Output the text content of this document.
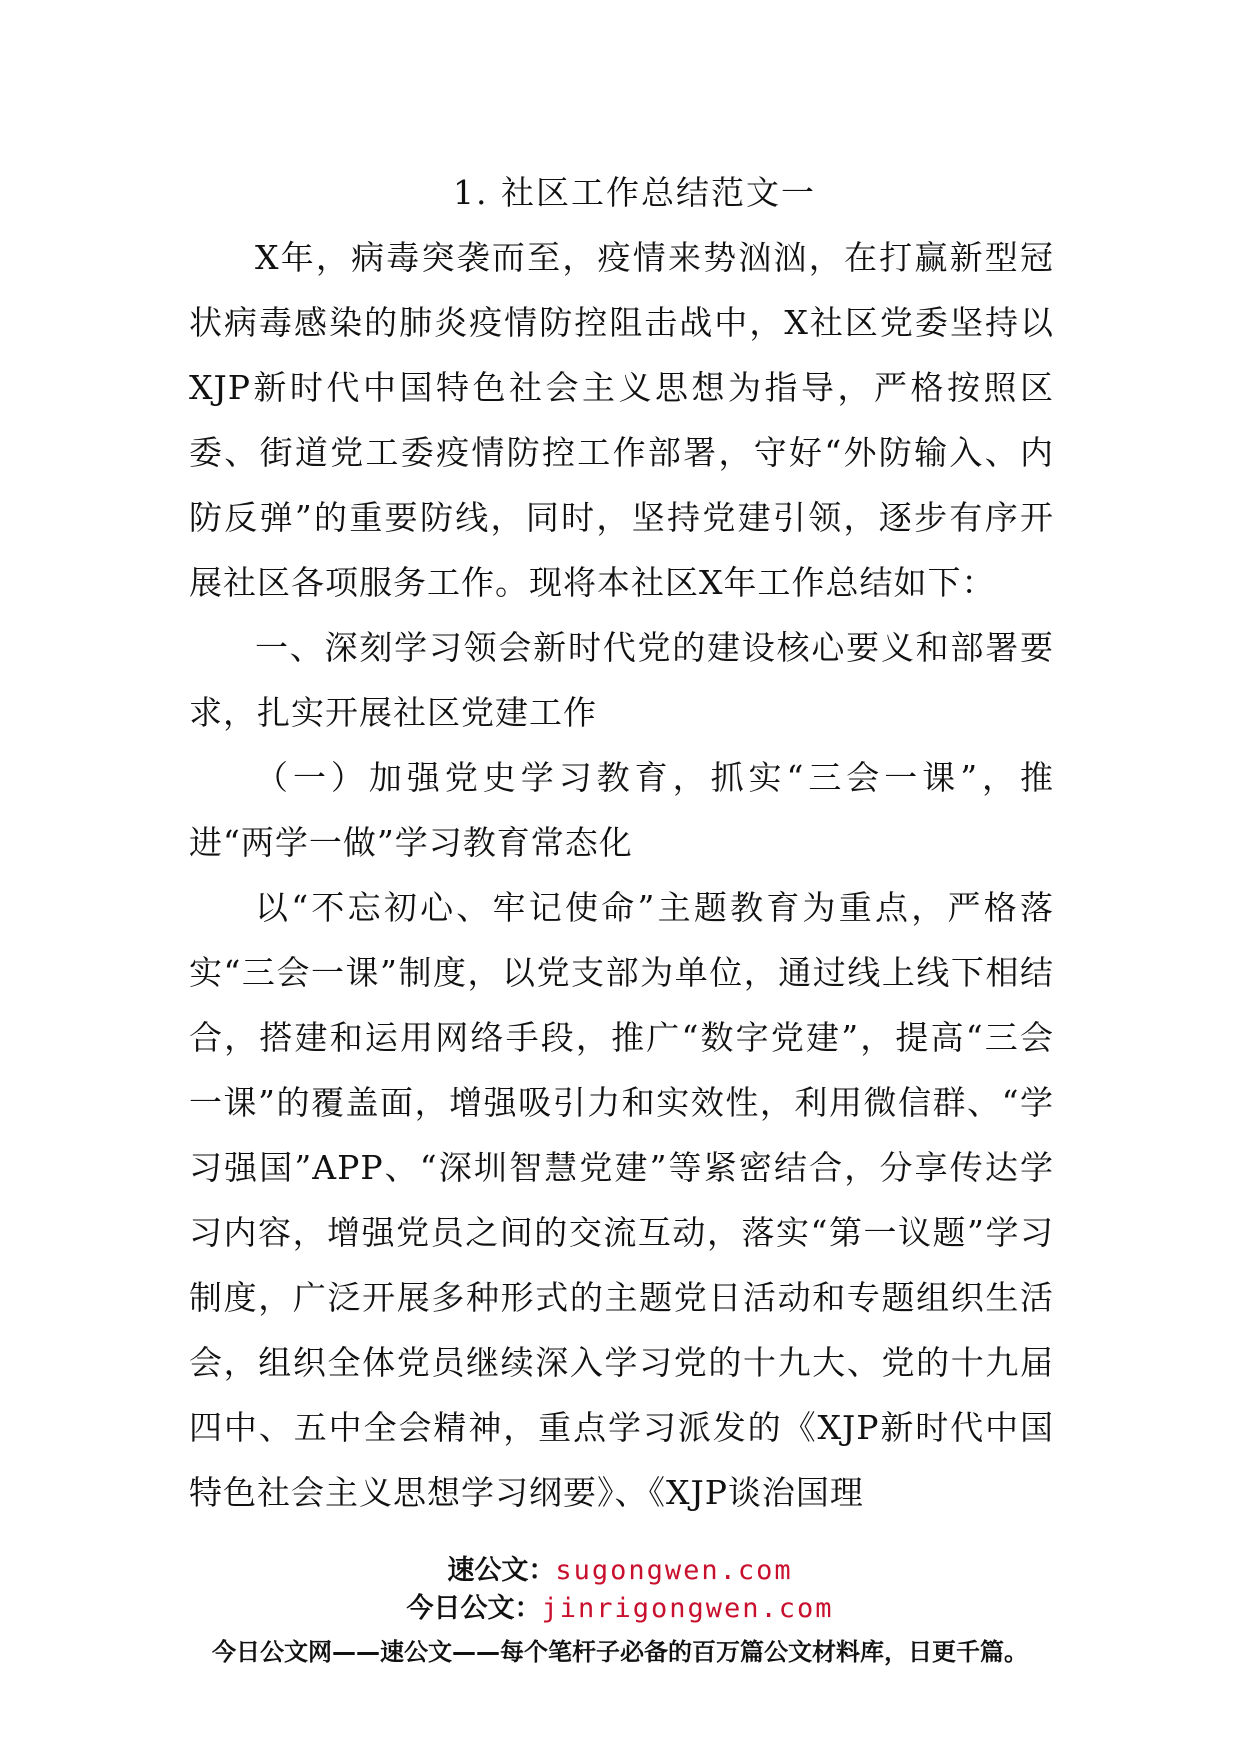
1. 社区工作总结范文一

X年，病毒突袭而至，疫情来势汹汹，在打赢新型冠状病毒感染的肺炎疫情防控阻击战中，X社区党委坚持以XJP新时代中国特色社会主义思想为指导，严格按照区委、街道党工委疫情防控工作部署，守好“外防输入、内防反弹”的重要防线，同时，坚持党建引领，逐步有序开展社区各项服务工作。现将本社区X年工作总结如下：

一、深刻学习领会新时代党的建设核心要义和部署要求，扎实开展社区党建工作

（一）加强党史学习教育，抓实“三会一课”，推进“两学一做”学习教育常态化

以“不忘初心、牢记使命”主题教育为重点，严格落实“三会一课”制度，以党支部为单位，通过线上线下相结合，搭建和运用网络手段，推广“数字党建”，提高“三会一课”的覆盖面，增强吸引力和实效性，利用微信群、“学习强国”APP、“深圳智慧党建”等紧密结合，分享传达学习内容，增强党员之间的交流互动，落实“第一议题”学习制度，广泛开展多种形式的主题党日活动和专题组织生活会，组织全体党员继续深入学习党的十九大、党的十九届四中、五中全会精神，重点学习派发的《XJP新时代中国特色社会主义思想学习纲要》、《XJP谈治国理

速公文：sugongwen.com

今日公文：jinrigongwen.com

今日公文网——速公文——每个笔杆子必备的百万篇公文材料库，日更千篇。
